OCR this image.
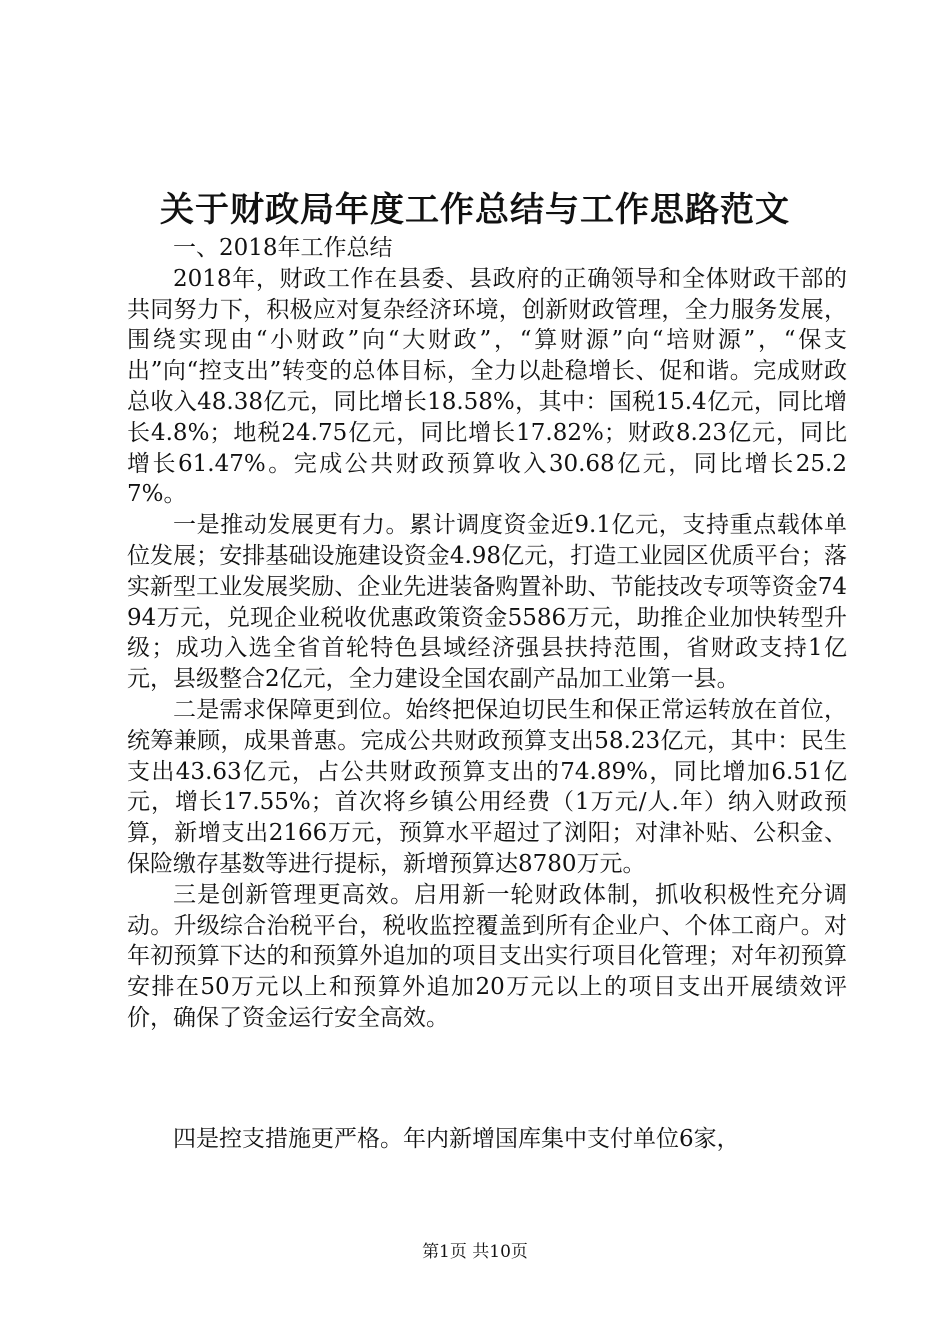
关于财政局年度工作总结与工作思路范文

一、2018年工作总结

2018年，财政工作在县委、县政府的正确领导和全体财政干部的共同努力下，积极应对复杂经济环境，创新财政管理，全力服务发展，围绕实现由“小财政”向“大财政”，“算财源”向“培财源”，“保支出”向“控支出”转变的总体目标，全力以赴稳增长、促和谐。完成财政总收入48.38亿元，同比增长18.58%，其中：国税15.4亿元，同比增长4.8%；地税24.75亿元，同比增长17.82%；财政8.23亿元，同比增长61.47%。完成公共财政预算收入30.68亿元，同比增长25.27%。

一是推动发展更有力。累计调度资金近9.1亿元，支持重点载体单位发展；安排基础设施建设资金4.98亿元，打造工业园区优质平台；落实新型工业发展奖励、企业先进装备购置补助、节能技改专项等资金7494万元，兑现企业税收优惠政策资金5586万元，助推企业加快转型升级；成功入选全省首轮特色县域经济强县扶持范围，省财政支持1亿元，县级整合2亿元，全力建设全国农副产品加工业第一县。

二是需求保障更到位。始终把保迫切民生和保正常运转放在首位，统筹兼顾，成果普惠。完成公共财政预算支出58.23亿元，其中：民生支出43.63亿元，占公共财政预算支出的74.89%，同比增加6.51亿元，增长17.55%；首次将乡镇公用经费（1万元/人.年）纳入财政预算，新增支出2166万元，预算水平超过了浏阳；对津补贴、公积金、保险缴存基数等进行提标，新增预算达8780万元。

三是创新管理更高效。启用新一轮财政体制，抓收积极性充分调动。升级综合治税平台，税收监控覆盖到所有企业户、个体工商户。对年初预算下达的和预算外追加的项目支出实行项目化管理；对年初预算安排在50万元以上和预算外追加20万元以上的项目支出开展绩效评价，确保了资金运行安全高效。

四是控支措施更严格。年内新增国库集中支付单位6家，

第1页 共10页
